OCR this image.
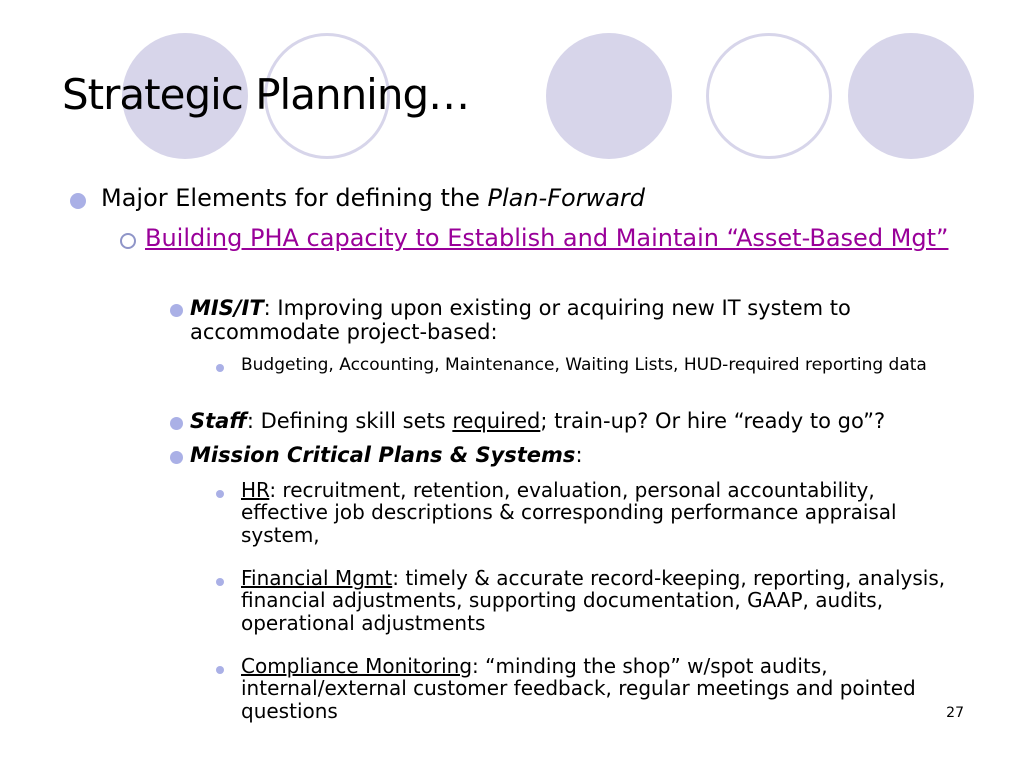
Strategic Planning…
Major Elements for defining the Plan-Forward
Building PHA capacity to Establish and Maintain “Asset-Based Mgt”
MIS/IT: Improving upon existing or acquiring new IT system to accommodate project-based:
Budgeting, Accounting, Maintenance, Waiting Lists, HUD-required reporting data
Staff: Defining skill sets required; train-up? Or hire “ready to go”?
Mission Critical Plans & Systems:
HR: recruitment, retention, evaluation, personal accountability, effective job descriptions & corresponding performance appraisal system,
Financial Mgmt: timely & accurate record-keeping, reporting, analysis, financial adjustments, supporting documentation, GAAP, audits, operational adjustments
Compliance Monitoring: “minding the shop” w/spot audits, internal/external customer feedback, regular meetings and pointed questions	27
